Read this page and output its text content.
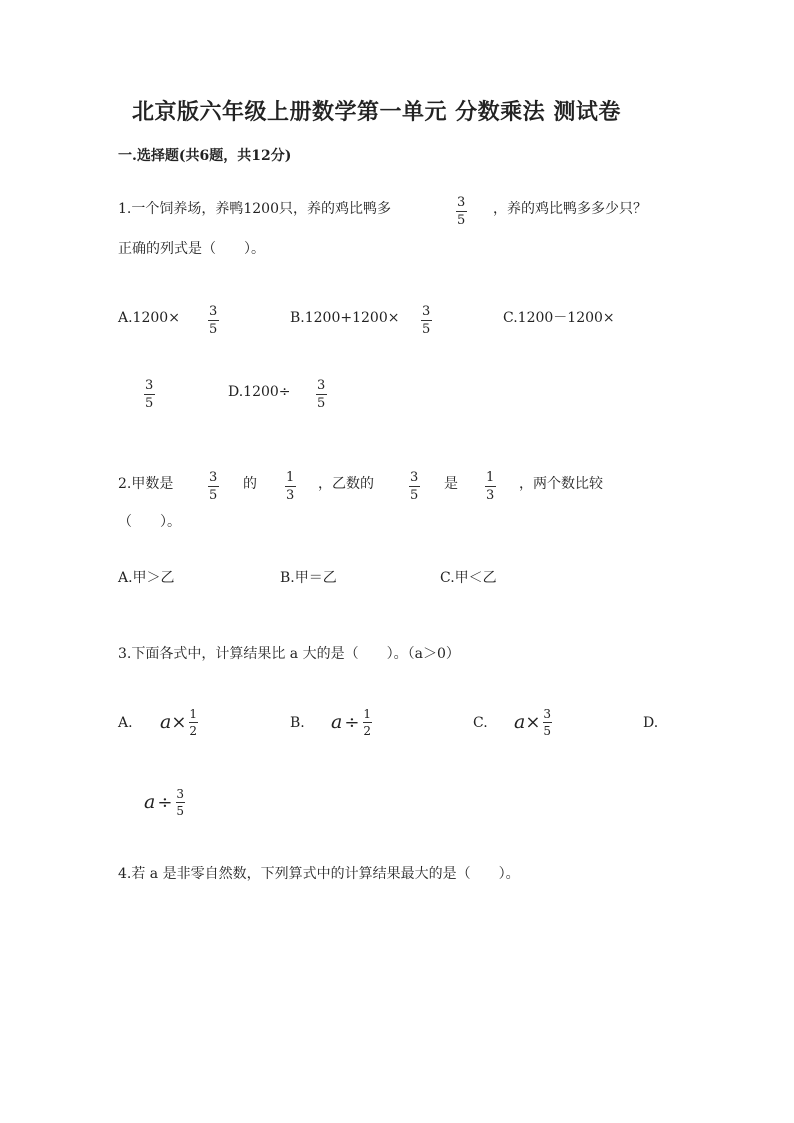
北京版六年级上册数学第一单元 分数乘法 测试卷
一.选择题(共6题，共12分)
1.一个饲养场，养鸭1200只，养的鸡比鸭多	3
5
，养的鸡比鸭多多少只？
正确的列式是（　　）。
A.1200× 3
5
B.1200+1200× 3
5
C.1200－1200×
3
5
D.1200÷ 3
5
2.甲数是	3
5
的 1
3
，乙数的	3
5
是 1
3
，两个数比较
（　　）。
A.甲＞乙	B.甲＝乙	C.甲＜乙
3.下面各式中，计算结果比 a 大的是（　　）。（a＞0）
A. $a \times \frac{1}{2}$	B. $a \div \frac{1}{2}$	C. $a \times \frac{3}{5}$	D.
$a \div \frac{3}{5}$
4.若 a 是非零自然数，下列算式中的计算结果最大的是（　　）。
